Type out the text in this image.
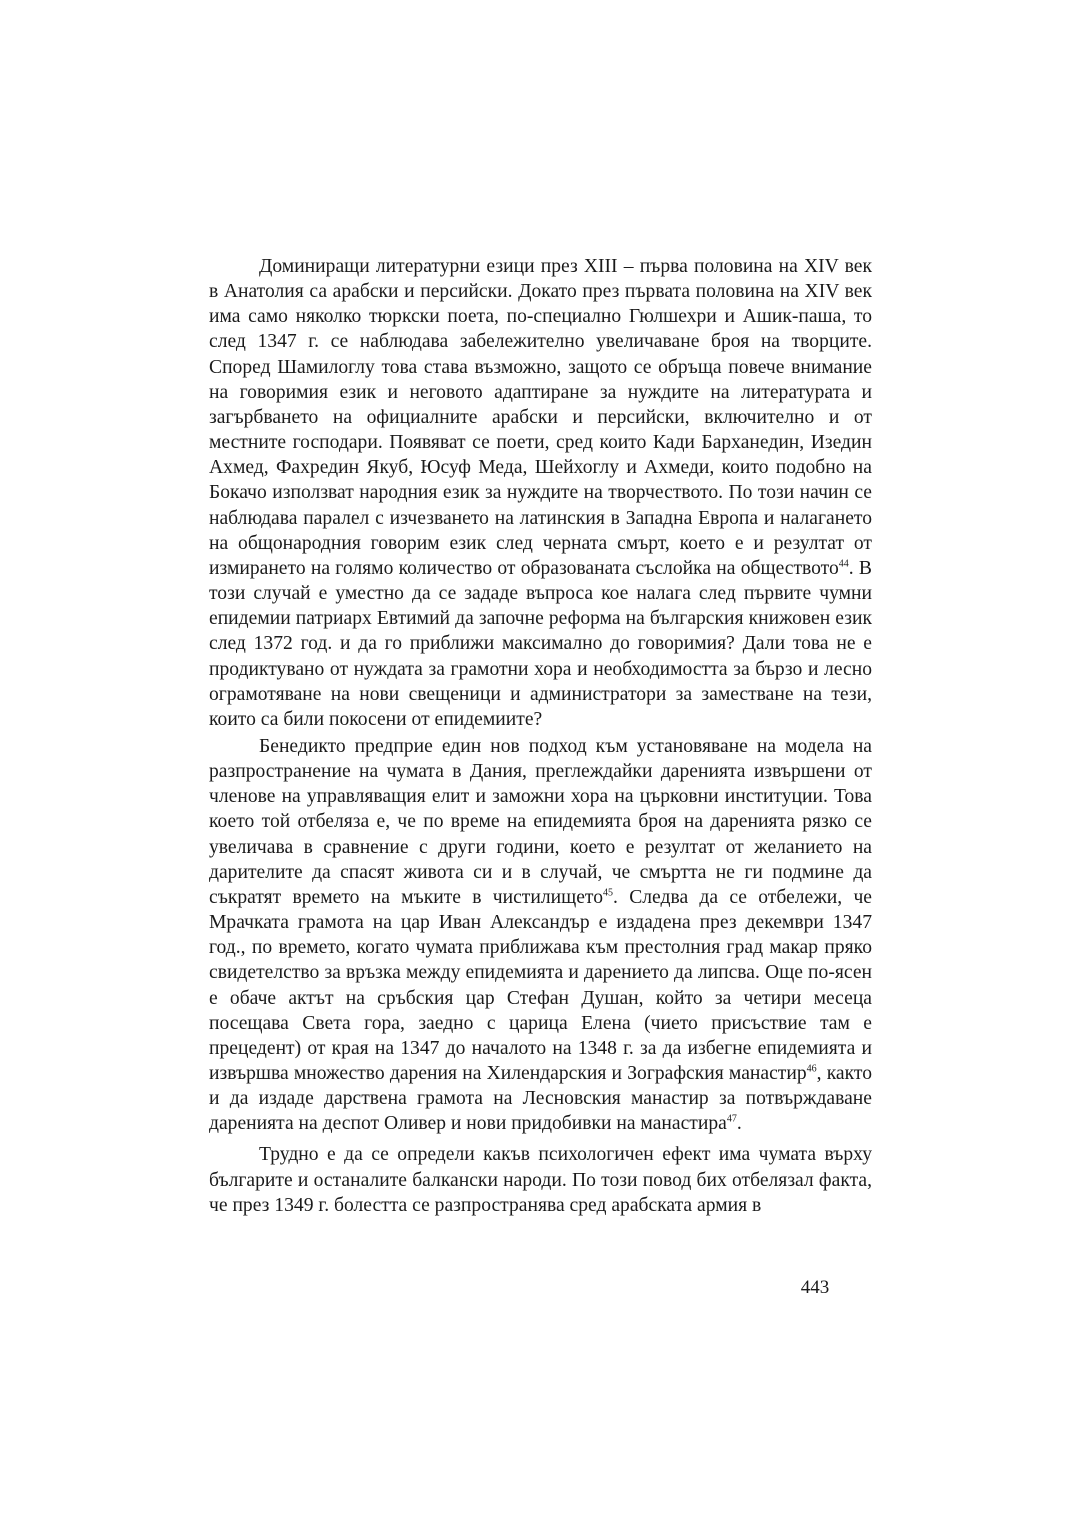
Доминиращи литературни езици през XIII – първа половина на XIV век в Анатолия са арабски и персийски. Докато през първата половина на XIV век има само няколко тюркски поета, по-специално Гюлшехри и Ашик-паша, то след 1347 г. се наблюдава забележително увеличаване броя на творците. Според Шамилоглу това става възможно, защото се обръща повече внимание на говоримия език и неговото адаптиране за нуждите на литературата и загърбването на официалните арабски и персийски, включително и от местните господари. Появяват се поети, сред които Кади Барханедин, Изедин Ахмед, Фахредин Якуб, Юсуф Меда, Шейхоглу и Ахмеди, които подобно на Бокачо използват народния език за нуждите на творчеството. По този начин се наблюдава паралел с изчезването на латинския в Западна Европа и налагането на общонародния говорим език след черната смърт, което е и резултат от измирането на голямо количество от образованата съслойка на обществото$^{44}$. В този случай е уместно да се зададе въпроса кое налага след първите чумни епидемии патриарх Евтимий да започне реформа на българския книжовен език след 1372 год. и да го приближи максимално до говоримия? Дали това не е продиктувано от нуждата за грамотни хора и необходимостта за бързо и лесно ограмотяване на нови свещеници и администратори за заместване на тези, които са били покосени от епидемиите?

Бенедикто предприе един нов подход към установяване на модела на разпространение на чумата в Дания, преглеждайки даренията извършени от членове на управляващия елит и заможни хора на църковни институции. Това което той отбеляза е, че по време на епидемията броя на даренията рязко се увеличава в сравнение с други години, което е резултат от желанието на дарителите да спасят живота си и в случай, че смъртта не ги подмине да съкратят времето на мъките в чистилището$^{45}$. Следва да се отбележи, че Мрачката грамота на цар Иван Александър е издадена през декември 1347 год., по времето, когато чумата приближава към престолния град макар пряко свидетелство за връзка между епидемията и дарението да липсва. Още по-ясен е обаче актът на сръбския цар Стефан Душан, който за четири месеца посещава Света гора, заедно с царица Елена (чието присъствие там е прецедент) от края на 1347 до началото на 1348 г. за да избегне епидемията и извършва множество дарения на Хилендарския и Зографския манастир$^{46}$, както и да издаде дарствена грамота на Лесновския манастир за потвърждаване даренията на деспот Оливер и нови придобивки на манастира$^{47}$.

Трудно е да се определи какъв психологичен ефект има чумата върху българите и останалите балкански народи. По този повод бих отбелязал факта, че през 1349 г. болестта се разпространява сред арабската армия в

443
